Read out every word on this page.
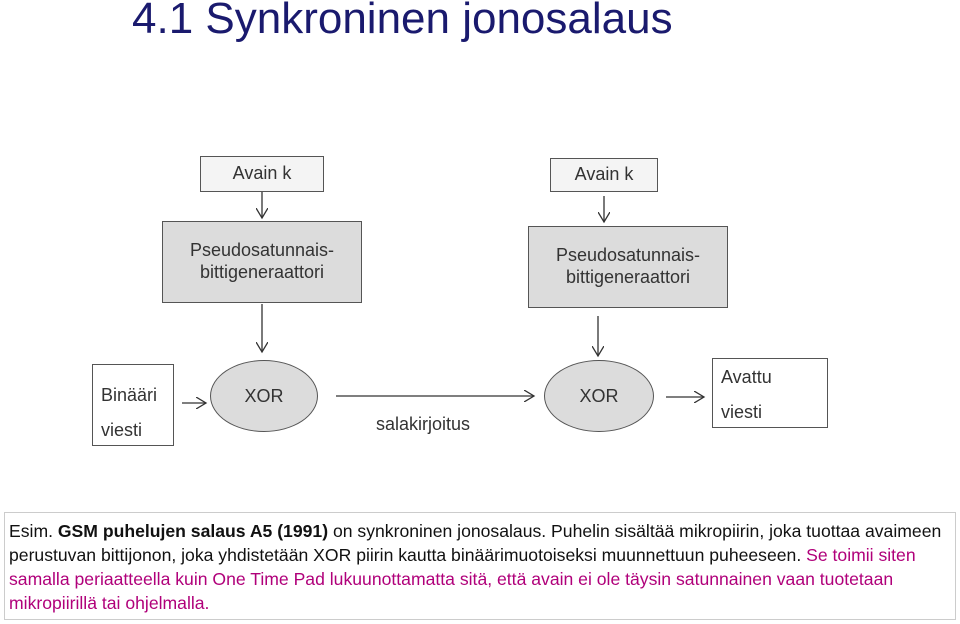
4.1 Synkroninen jonosalaus
Avain k	Avain k
Pseudosatunnais-
bittigeneraattori
Pseudosatunnais-
bittigeneraattori
Binääri
viesti
XOR	XOR
salakirjoitus
Avattu
viesti
Esim. GSM puhelujen salaus A5 (1991) on synkroninen jonosalaus. Puhelin sisältää mikropiirin, joka tuottaa avaimeen perustuvan bittijonon, joka yhdistetään XOR piirin kautta binäärimuotoiseksi muunnettuun puheeseen. Se toimii siten samalla periaatteella kuin One Time Pad lukuunottamatta sitä, että avain ei ole täysin satunnainen vaan tuotetaan mikropiirillä tai ohjelmalla.
